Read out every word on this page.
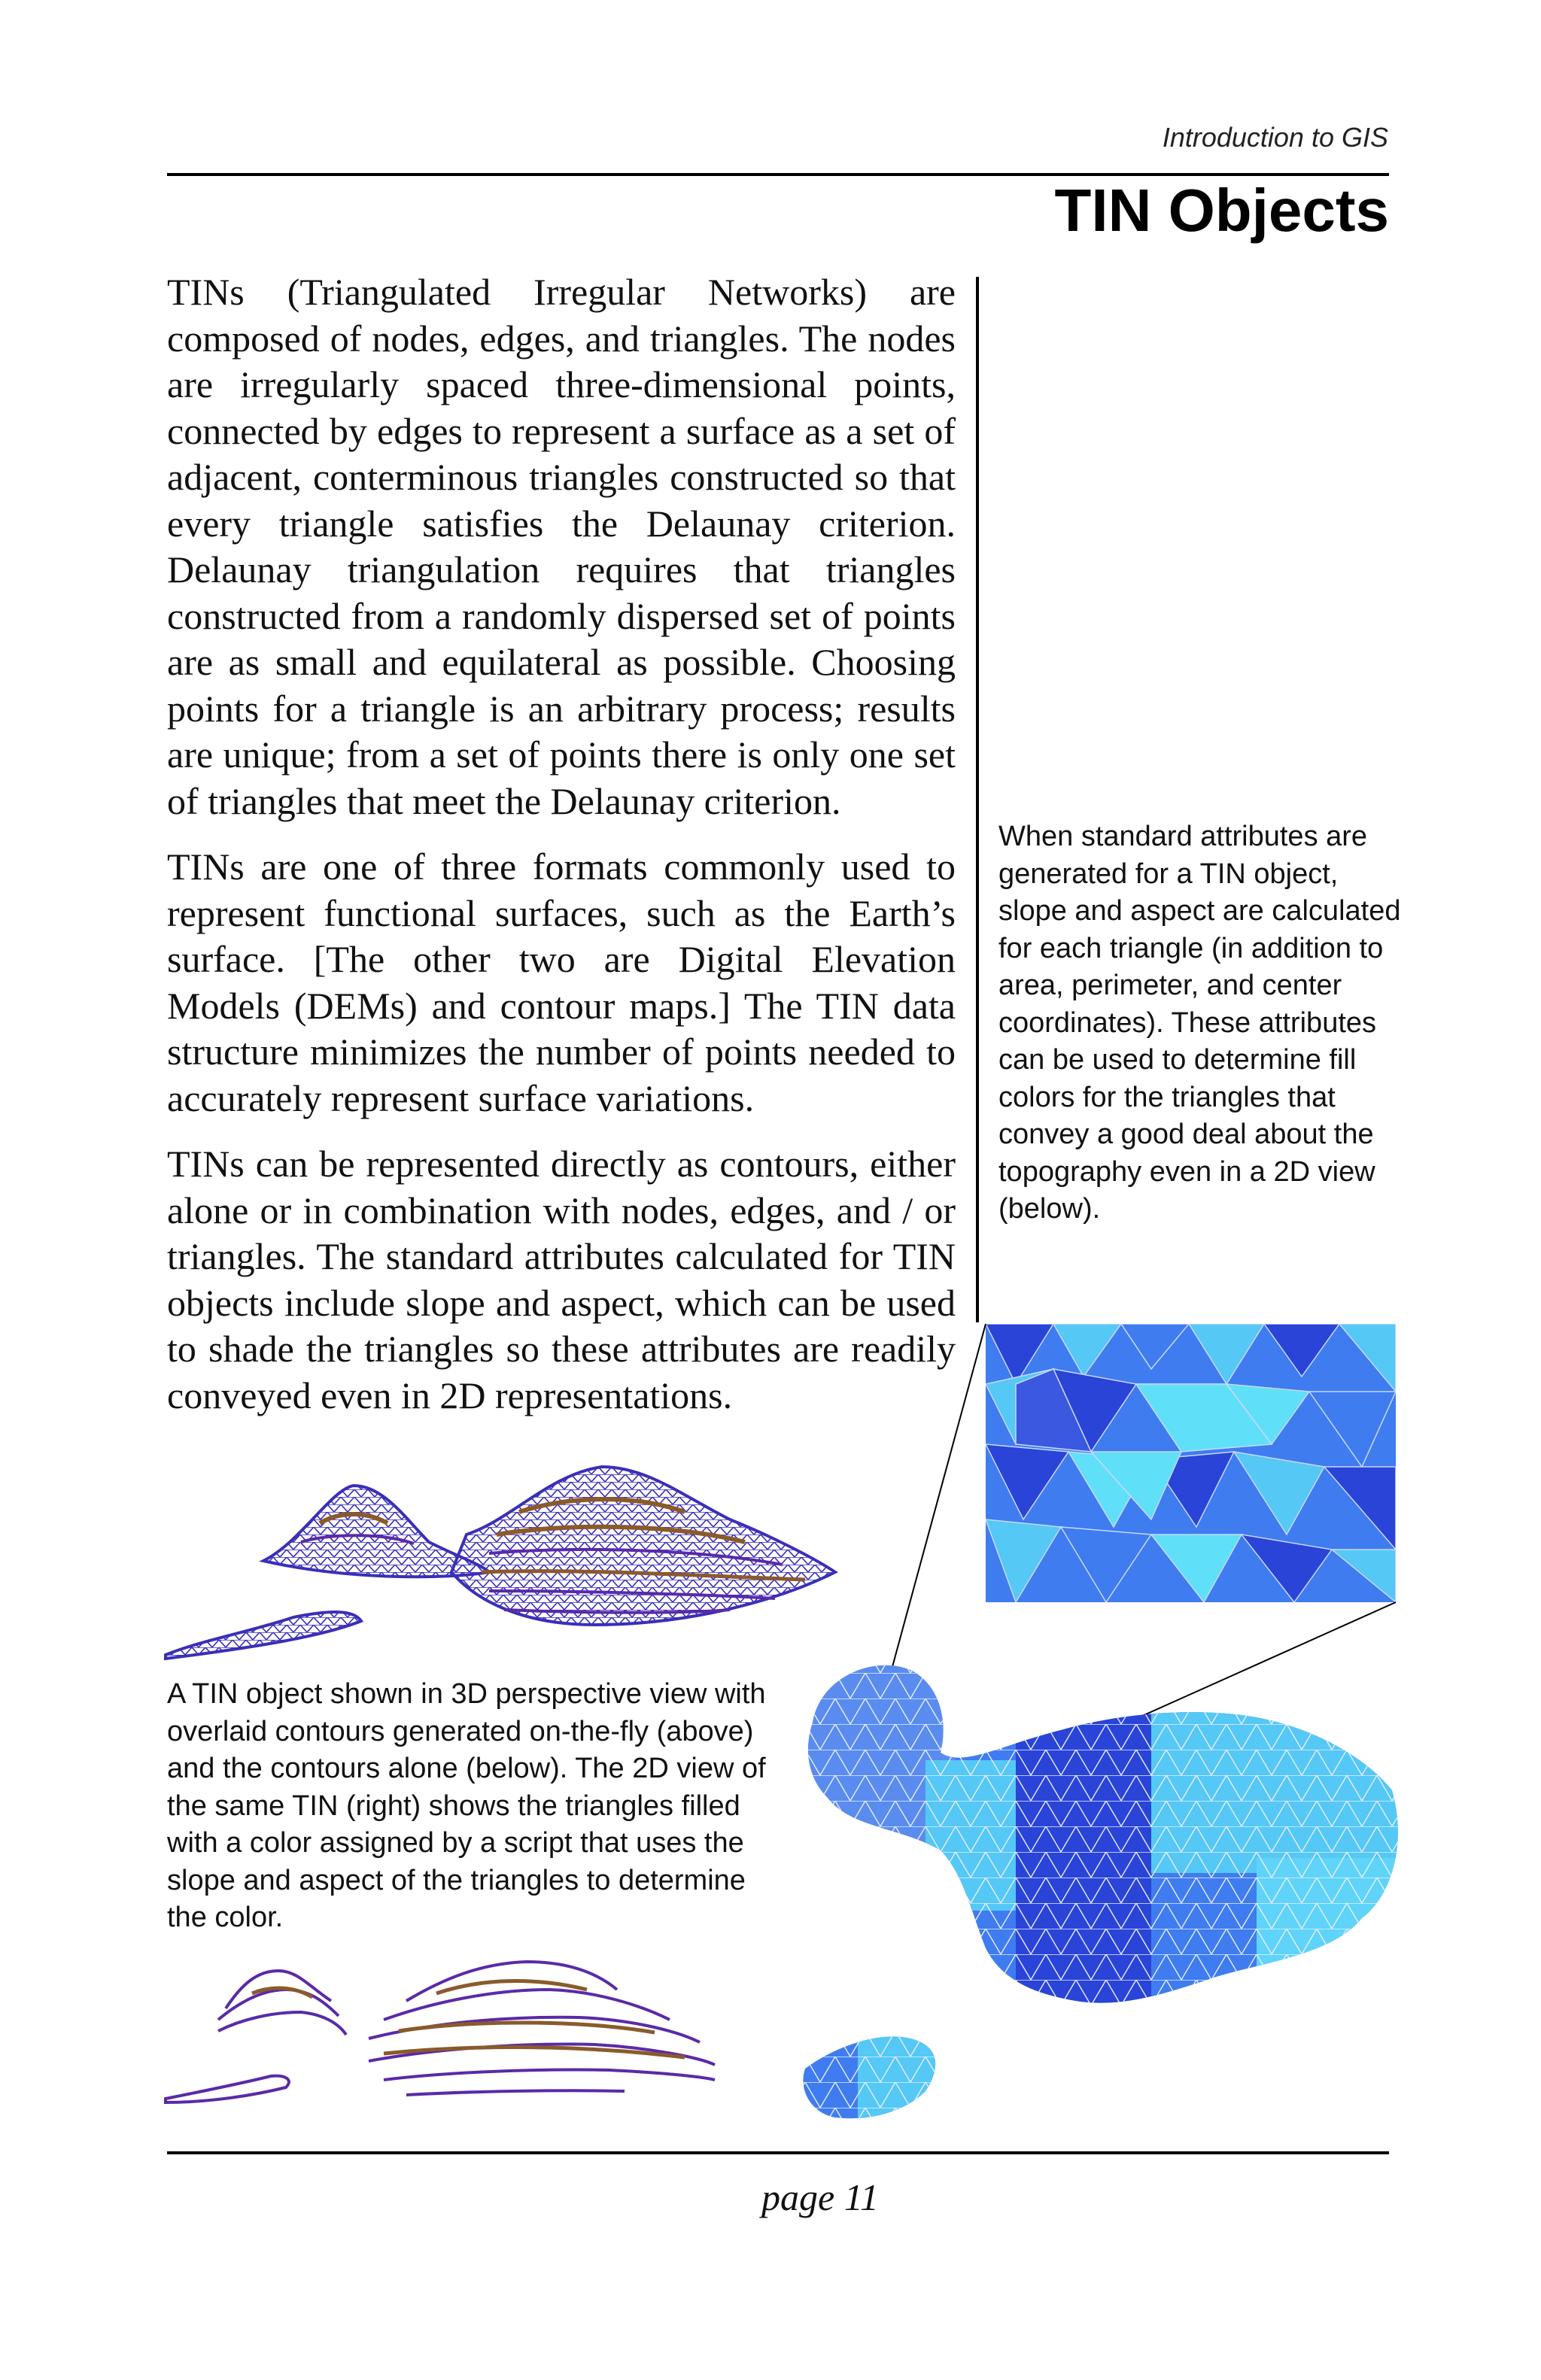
Introduction to GIS
TIN Objects

TINs (Triangulated Irregular Networks) are composed of nodes, edges, and triangles. The nodes are irregularly spaced three-dimensional points, connected by edges to represent a surface as a set of adjacent, conterminous triangles constructed so that every triangle satisfies the Delaunay criterion. Delaunay triangulation requires that triangles constructed from a randomly dispersed set of points are as small and equilateral as possible. Choosing points for a triangle is an arbitrary process; results are unique; from a set of points there is only one set of triangles that meet the Delaunay criterion.

TINs are one of three formats commonly used to represent functional surfaces, such as the Earth’s surface. [The other two are Digital Elevation Models (DEMs) and contour maps.] The TIN data structure minimizes the number of points needed to accurately represent surface variations.

TINs can be represented directly as contours, either alone or in combination with nodes, edges, and / or triangles. The standard attributes calculated for TIN objects include slope and aspect, which can be used to shade the triangles so these attributes are readily conveyed even in 2D representations.

When standard attributes are generated for a TIN object, slope and aspect are calculated for each triangle (in addition to area, perimeter, and center coordinates). These attributes can be used to determine fill colors for the triangles that convey a good deal about the topography even in a 2D view (below).
A TIN object shown in 3D perspective view with overlaid contours generated on-the-fly (above) and the contours alone (below). The 2D view of the same TIN (right) shows the triangles filled with a color assigned by a script that uses the slope and aspect of the triangles to determine the color.
page 11
